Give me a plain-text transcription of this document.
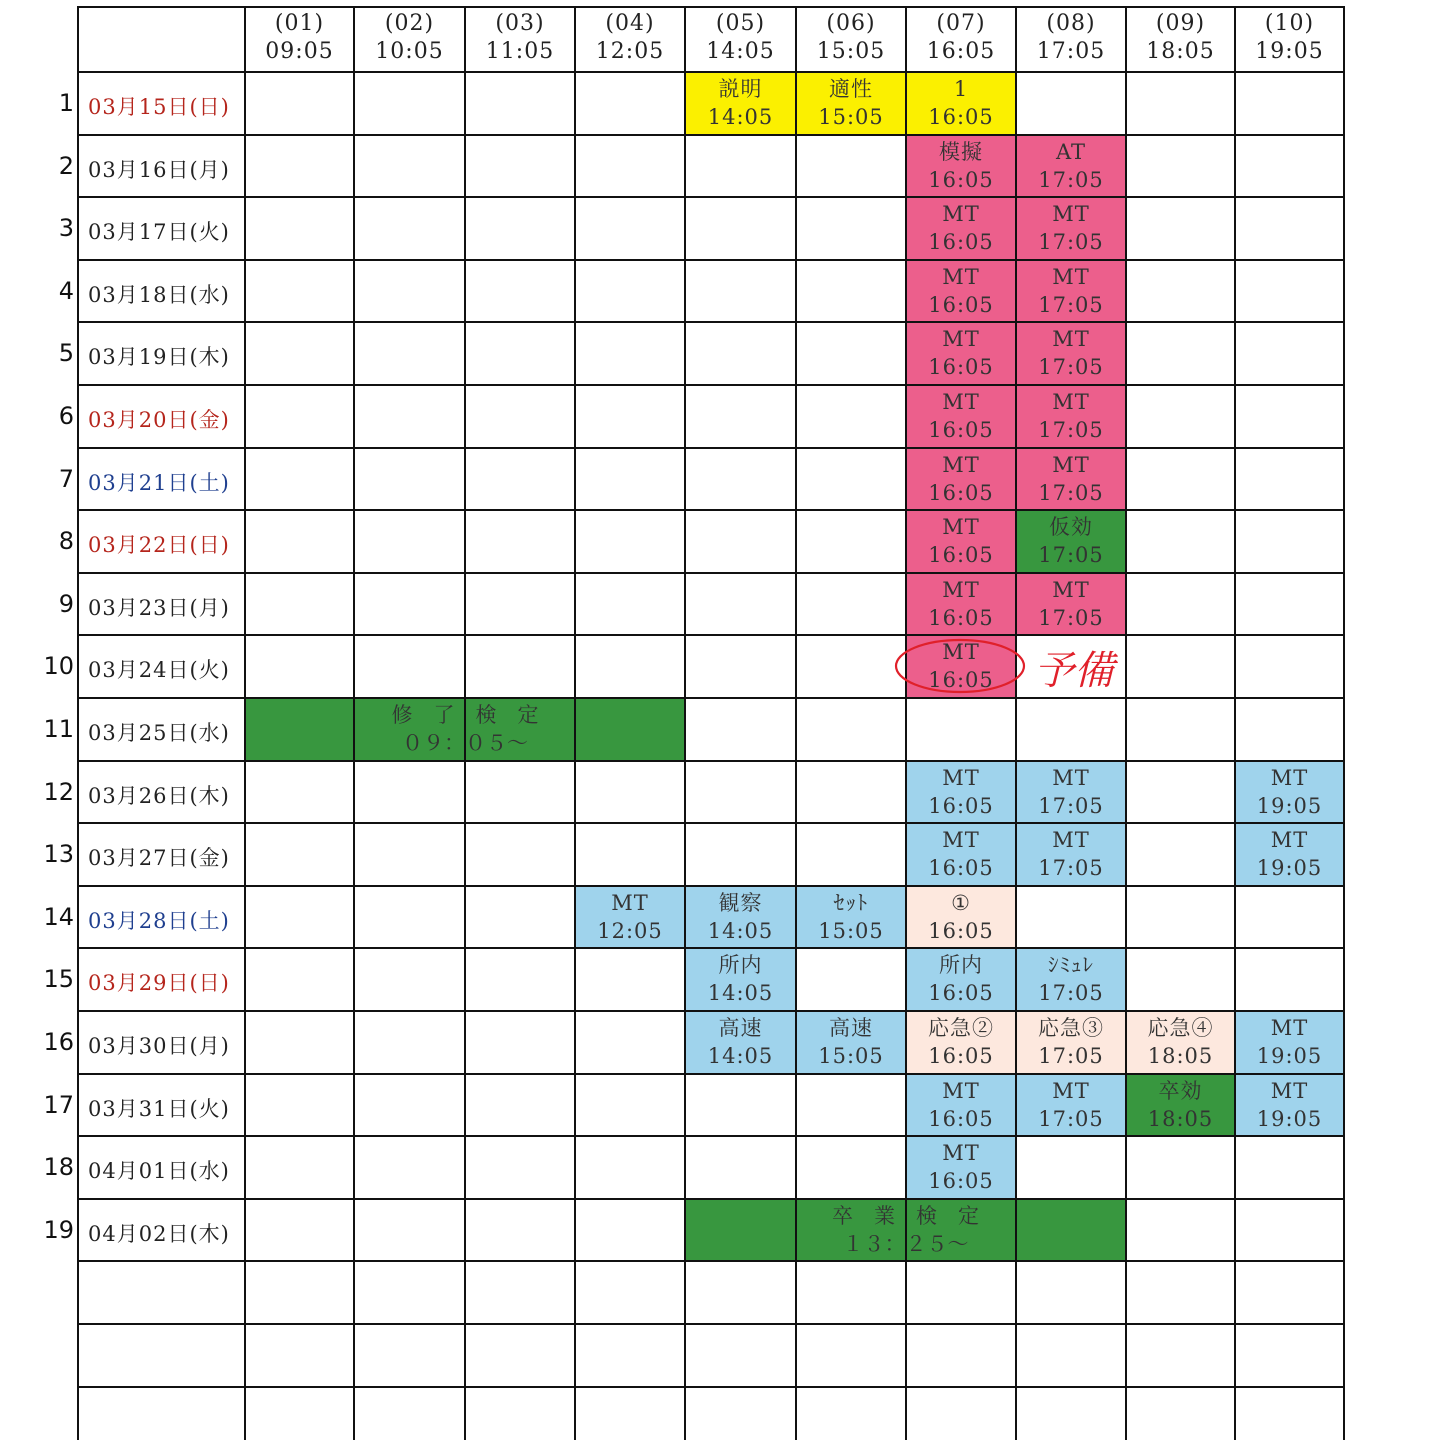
(01)
09:05
(02)
10:05
(03)
11:05
(04)
12:05
(05)
14:05
(06)
15:05
(07)
16:05
(08)
17:05
(09)
18:05
(10)
19:05
1 03月15日(日)
2 03月16日(月)
3 03月17日(火)
4 03月18日(水)
5 03月19日(木)
6 03月20日(金)
7 03月21日(土)
8 03月22日(日)
9 03月23日(月)
10 03月24日(火)
11 03月25日(水)
12 03月26日(木)
13 03月27日(金)
14 03月28日(土)
15 03月29日(日)
16 03月30日(月)
17 03月31日(火)
18 04月01日(水)
19 04月02日(木)
説明
14:05
適性
15:05
1
16:05
模擬
16:05
AT
17:05
MT
16:05
MT
17:05
MT
16:05
MT
17:05
MT
16:05
MT
17:05
MT
16:05
MT
17:05
MT
16:05
MT
17:05
MT
16:05
仮効
17:05
MT
16:05
MT
17:05
MT
16:05
MT
16:05
MT
17:05
MT
19:05
MT
16:05
MT
17:05
MT
19:05
MT
12:05
観察
14:05
ｾｯﾄ
15:05
①
16:05
所内
14:05
所内
16:05
ｼﾐｭﾚ
17:05
高速
14:05
高速
15:05
応急②
16:05
応急③
17:05
応急④
18:05
MT
19:05
MT
16:05
MT
17:05
卒効
18:05
MT
19:05
MT
16:05
修　了　検　定
０９：０５～
卒　業　検　定
１３：２５～
予備
